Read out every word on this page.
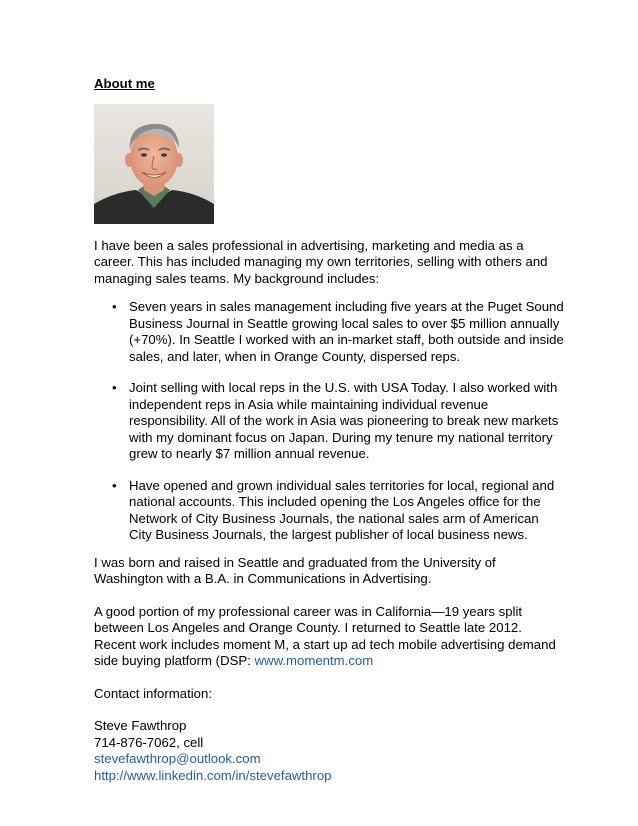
About me

I have been a sales professional in advertising, marketing and media as a career. This has included managing my own territories, selling with others and managing sales teams. My background includes:

• Seven years in sales management including five years at the Puget Sound Business Journal in Seattle growing local sales to over $5 million annually (+70%). In Seattle I worked with an in-market staff, both outside and inside sales, and later, when in Orange County, dispersed reps.
• Joint selling with local reps in the U.S. with USA Today. I also worked with independent reps in Asia while maintaining individual revenue responsibility. All of the work in Asia was pioneering to break new markets with my dominant focus on Japan. During my tenure my national territory grew to nearly $7 million annual revenue.
• Have opened and grown individual sales territories for local, regional and national accounts. This included opening the Los Angeles office for the Network of City Business Journals, the national sales arm of American City Business Journals, the largest publisher of local business news.

I was born and raised in Seattle and graduated from the University of Washington with a B.A. in Communications in Advertising.

A good portion of my professional career was in California—19 years split between Los Angeles and Orange County. I returned to Seattle late 2012. Recent work includes moment M, a start up ad tech mobile advertising demand side buying platform (DSP: www.momentm.com

Contact information:

Steve Fawthrop

714-876-7062, cell

stevefawthrop@outlook.com

http://www.linkedin.com/in/stevefawthrop
